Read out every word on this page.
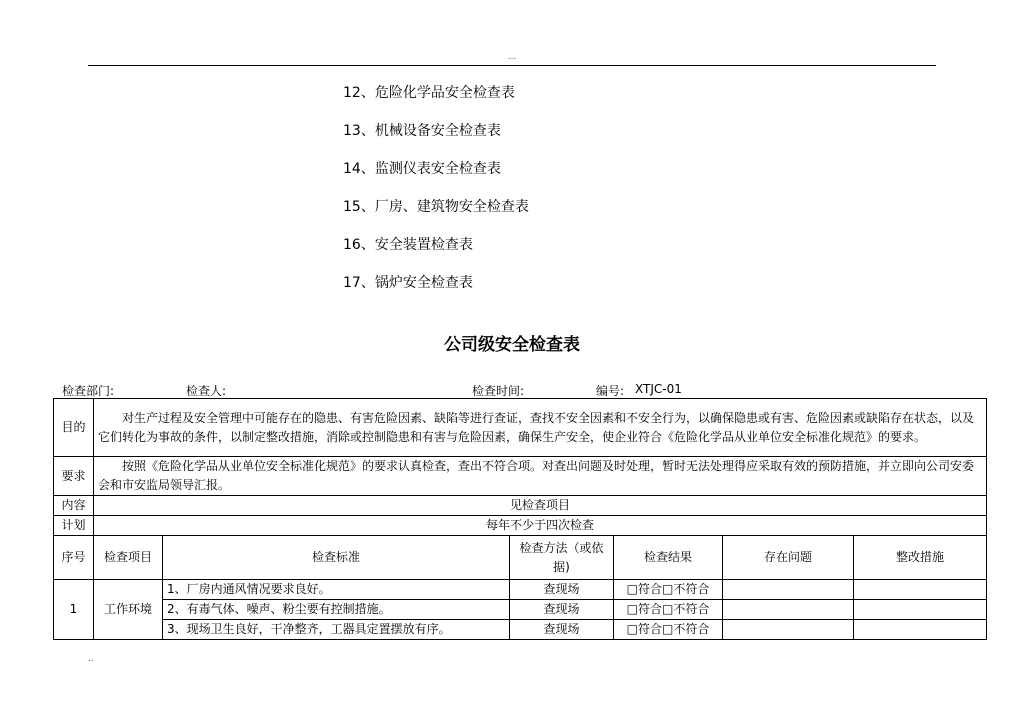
...
12、危险化学品安全检查表
13、机械设备安全检查表
14、监测仪表安全检查表
15、厂房、建筑物安全检查表
16、安全装置检查表
17、锅炉安全检查表
公司级安全检查表
检查部门:	检查人:	检查时间:	编号: XTJC-01
目的	对生产过程及安全管理中可能存在的隐患、有害危险因素、缺陷等进行查证，查找不安全因素和不安全行为，以确保隐患或有害、危险因素或缺陷存在状态，以及它们转化为事故的条件，以制定整改措施，消除或控制隐患和有害与危险因素，确保生产安全，使企业符合《危险化学品从业单位安全标准化规范》的要求。					
要求	按照《危险化学品从业单位安全标准化规范》的要求认真检查，查出不符合项。对查出问题及时处理，暂时无法处理得应采取有效的预防措施，并立即向公司安委会和市安监局领导汇报。					
内容	见检查项目					
计划	每年不少于四次检查					
序号	检查项目	检查标准	检查方法（或依据)	检查结果	存在问题	整改措施
1	工作环境	1、厂房内通风情况要求良好。	查现场	□符合□不符合		
		2、有毒气体、噪声、粉尘要有控制措施。	查现场	□符合□不符合		
		3、现场卫生良好，干净整齐，工器具定置摆放有序。	查现场	□符合□不符合		
..
